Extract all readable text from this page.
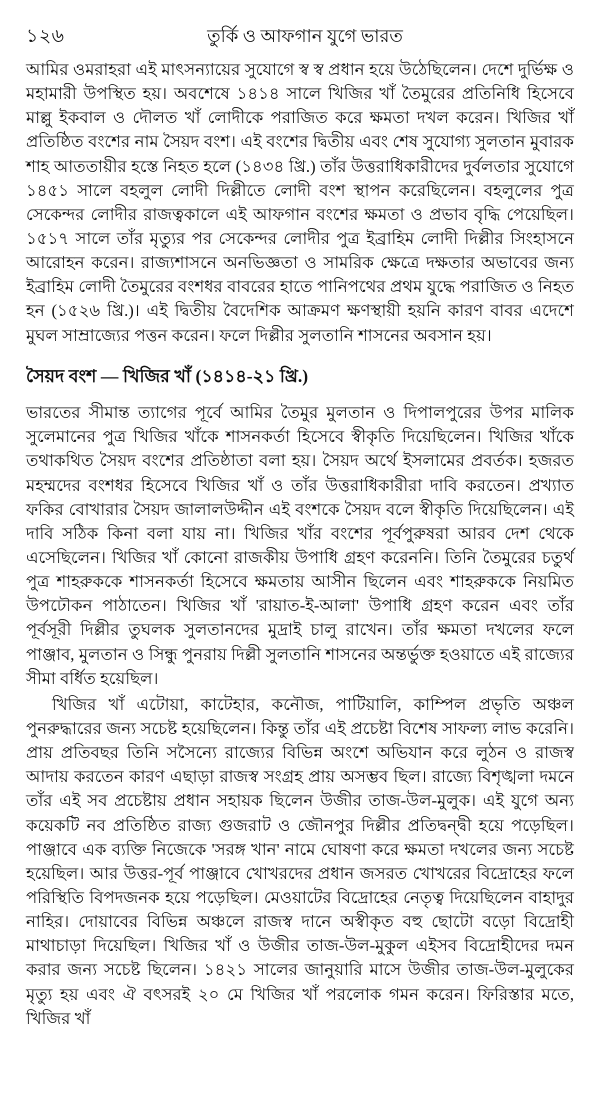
১২৬	তুর্কি ও আফগান যুগে ভারত

আমির ওমরাহরা এই মাৎসন্যায়ের সুযোগে স্ব স্ব প্রধান হয়ে উঠেছিলেন। দেশে দুর্ভিক্ষ ও মহামারী উপস্থিত হয়। অবশেষে ১৪১৪ সালে খিজির খাঁ তৈমুরের প্রতিনিধি হিসেবে মাল্লু ইকবাল ও দৌলত খাঁ লোদীকে পরাজিত করে ক্ষমতা দখল করেন। খিজির খাঁ প্রতিষ্ঠিত বংশের নাম সৈয়দ বংশ। এই বংশের দ্বিতীয় এবং শেষ সুযোগ্য সুলতান মুবারক শাহ আততায়ীর হস্তে নিহত হলে (১৪৩৪ খ্রি.) তাঁর উত্তরাধিকারীদের দুর্বলতার সুযোগে ১৪৫১ সালে বহলুল লোদী দিল্লীতে লোদী বংশ স্থাপন করেছিলেন। বহলুলের পুত্র সেকেন্দর লোদীর রাজত্বকালে এই আফগান বংশের ক্ষমতা ও প্রভাব বৃদ্ধি পেয়েছিল। ১৫১৭ সালে তাঁর মৃত্যুর পর সেকেন্দর লোদীর পুত্র ইব্রাহিম লোদী দিল্লীর সিংহাসনে আরোহন করেন। রাজ্যশাসনে অনভিজ্ঞতা ও সামরিক ক্ষেত্রে দক্ষতার অভাবের জন্য ইব্রাহিম লোদী তৈমুরের বংশধর বাবরের হাতে পানিপথের প্রথম যুদ্ধে পরাজিত ও নিহত হন (১৫২৬ খ্রি.)। এই দ্বিতীয় বৈদেশিক আক্রমণ ক্ষণস্থায়ী হয়নি কারণ বাবর এদেশে মুঘল সাম্রাজ্যের পত্তন করেন। ফলে দিল্লীর সুলতানি শাসনের অবসান হয়।

সৈয়দ বংশ — খিজির খাঁ (১৪১৪-২১ খ্রি.)

ভারতের সীমান্ত ত্যাগের পূর্বে আমির তৈমুর মুলতান ও দিপালপুরের উপর মালিক সুলেমানের পুত্র খিজির খাঁকে শাসনকর্তা হিসেবে স্বীকৃতি দিয়েছিলেন। খিজির খাঁকে তথাকথিত সৈয়দ বংশের প্রতিষ্ঠাতা বলা হয়। সৈয়দ অর্থে ইসলামের প্রবর্তক। হজরত মহম্মদের বংশধর হিসেবে খিজির খাঁ ও তাঁর উত্তরাধিকারীরা দাবি করতেন। প্রখ্যাত ফকির বোখারার সৈয়দ জালালউদ্দীন এই বংশকে সৈয়দ বলে স্বীকৃতি দিয়েছিলেন। এই দাবি সঠিক কিনা বলা যায় না। খিজির খাঁর বংশের পূর্বপুরুষরা আরব দেশ থেকে এসেছিলেন। খিজির খাঁ কোনো রাজকীয় উপাধি গ্রহণ করেননি। তিনি তৈমুরের চতুর্থ পুত্র শাহরুককে শাসনকর্তা হিসেবে ক্ষমতায় আসীন ছিলেন এবং শাহরুককে নিয়মিত উপঢৌকন পাঠাতেন। খিজির খাঁ 'রায়াত-ই-আলা' উপাধি গ্রহণ করেন এবং তাঁর পূর্বসূরী দিল্লীর তুঘলক সুলতানদের মুদ্রাই চালু রাখেন। তাঁর ক্ষমতা দখলের ফলে পাঞ্জাব, মুলতান ও সিন্ধু পুনরায় দিল্লী সুলতানি শাসনের অন্তর্ভুক্ত হওয়াতে এই রাজ্যের সীমা বর্ধিত হয়েছিল।

খিজির খাঁ এটোয়া, কাটেহার, কনৌজ, পাটিয়ালি, কাম্পিল প্রভৃতি অঞ্চল পুনরুদ্ধারের জন্য সচেষ্ট হয়েছিলেন। কিন্তু তাঁর এই প্রচেষ্টা বিশেষ সাফল্য লাভ করেনি। প্রায় প্রতিবছর তিনি সসৈন্যে রাজ্যের বিভিন্ন অংশে অভিযান করে লুঠন ও রাজস্ব আদায় করতেন কারণ এছাড়া রাজস্ব সংগ্রহ প্রায় অসম্ভব ছিল। রাজ্যে বিশৃঙ্খলা দমনে তাঁর এই সব প্রচেষ্টায় প্রধান সহায়ক ছিলেন উজীর তাজ-উল-মুলুক। এই যুগে অন্য কয়েকটি নব প্রতিষ্ঠিত রাজ্য গুজরাট ও জৌনপুর দিল্লীর প্রতিদ্বন্দ্বী হয়ে পড়েছিল। পাঞ্জাবে এক ব্যক্তি নিজেকে 'সরঙ্গ খান' নামে ঘোষণা করে ক্ষমতা দখলের জন্য সচেষ্ট হয়েছিল। আর উত্তর-পূর্ব পাঞ্জাবে খোখরদের প্রধান জসরত খোখরের বিদ্রোহের ফলে পরিস্থিতি বিপদজনক হয়ে পড়েছিল। মেওয়াটের বিদ্রোহের নেতৃত্ব দিয়েছিলেন বাহাদুর নাহির। দোয়াবের বিভিন্ন অঞ্চলে রাজস্ব দানে অস্বীকৃত বহু ছোটো বড়ো বিদ্রোহী মাথাচাড়া দিয়েছিল। খিজির খাঁ ও উজীর তাজ-উল-মুকুল এইসব বিদ্রোহীদের দমন করার জন্য সচেষ্ট ছিলেন। ১৪২১ সালের জানুয়ারি মাসে উজীর তাজ-উল-মুলুকের মৃত্যু হয় এবং ঐ বৎসরই ২০ মে খিজির খাঁ পরলোক গমন করেন। ফিরিস্তার মতে, খিজির খাঁ
